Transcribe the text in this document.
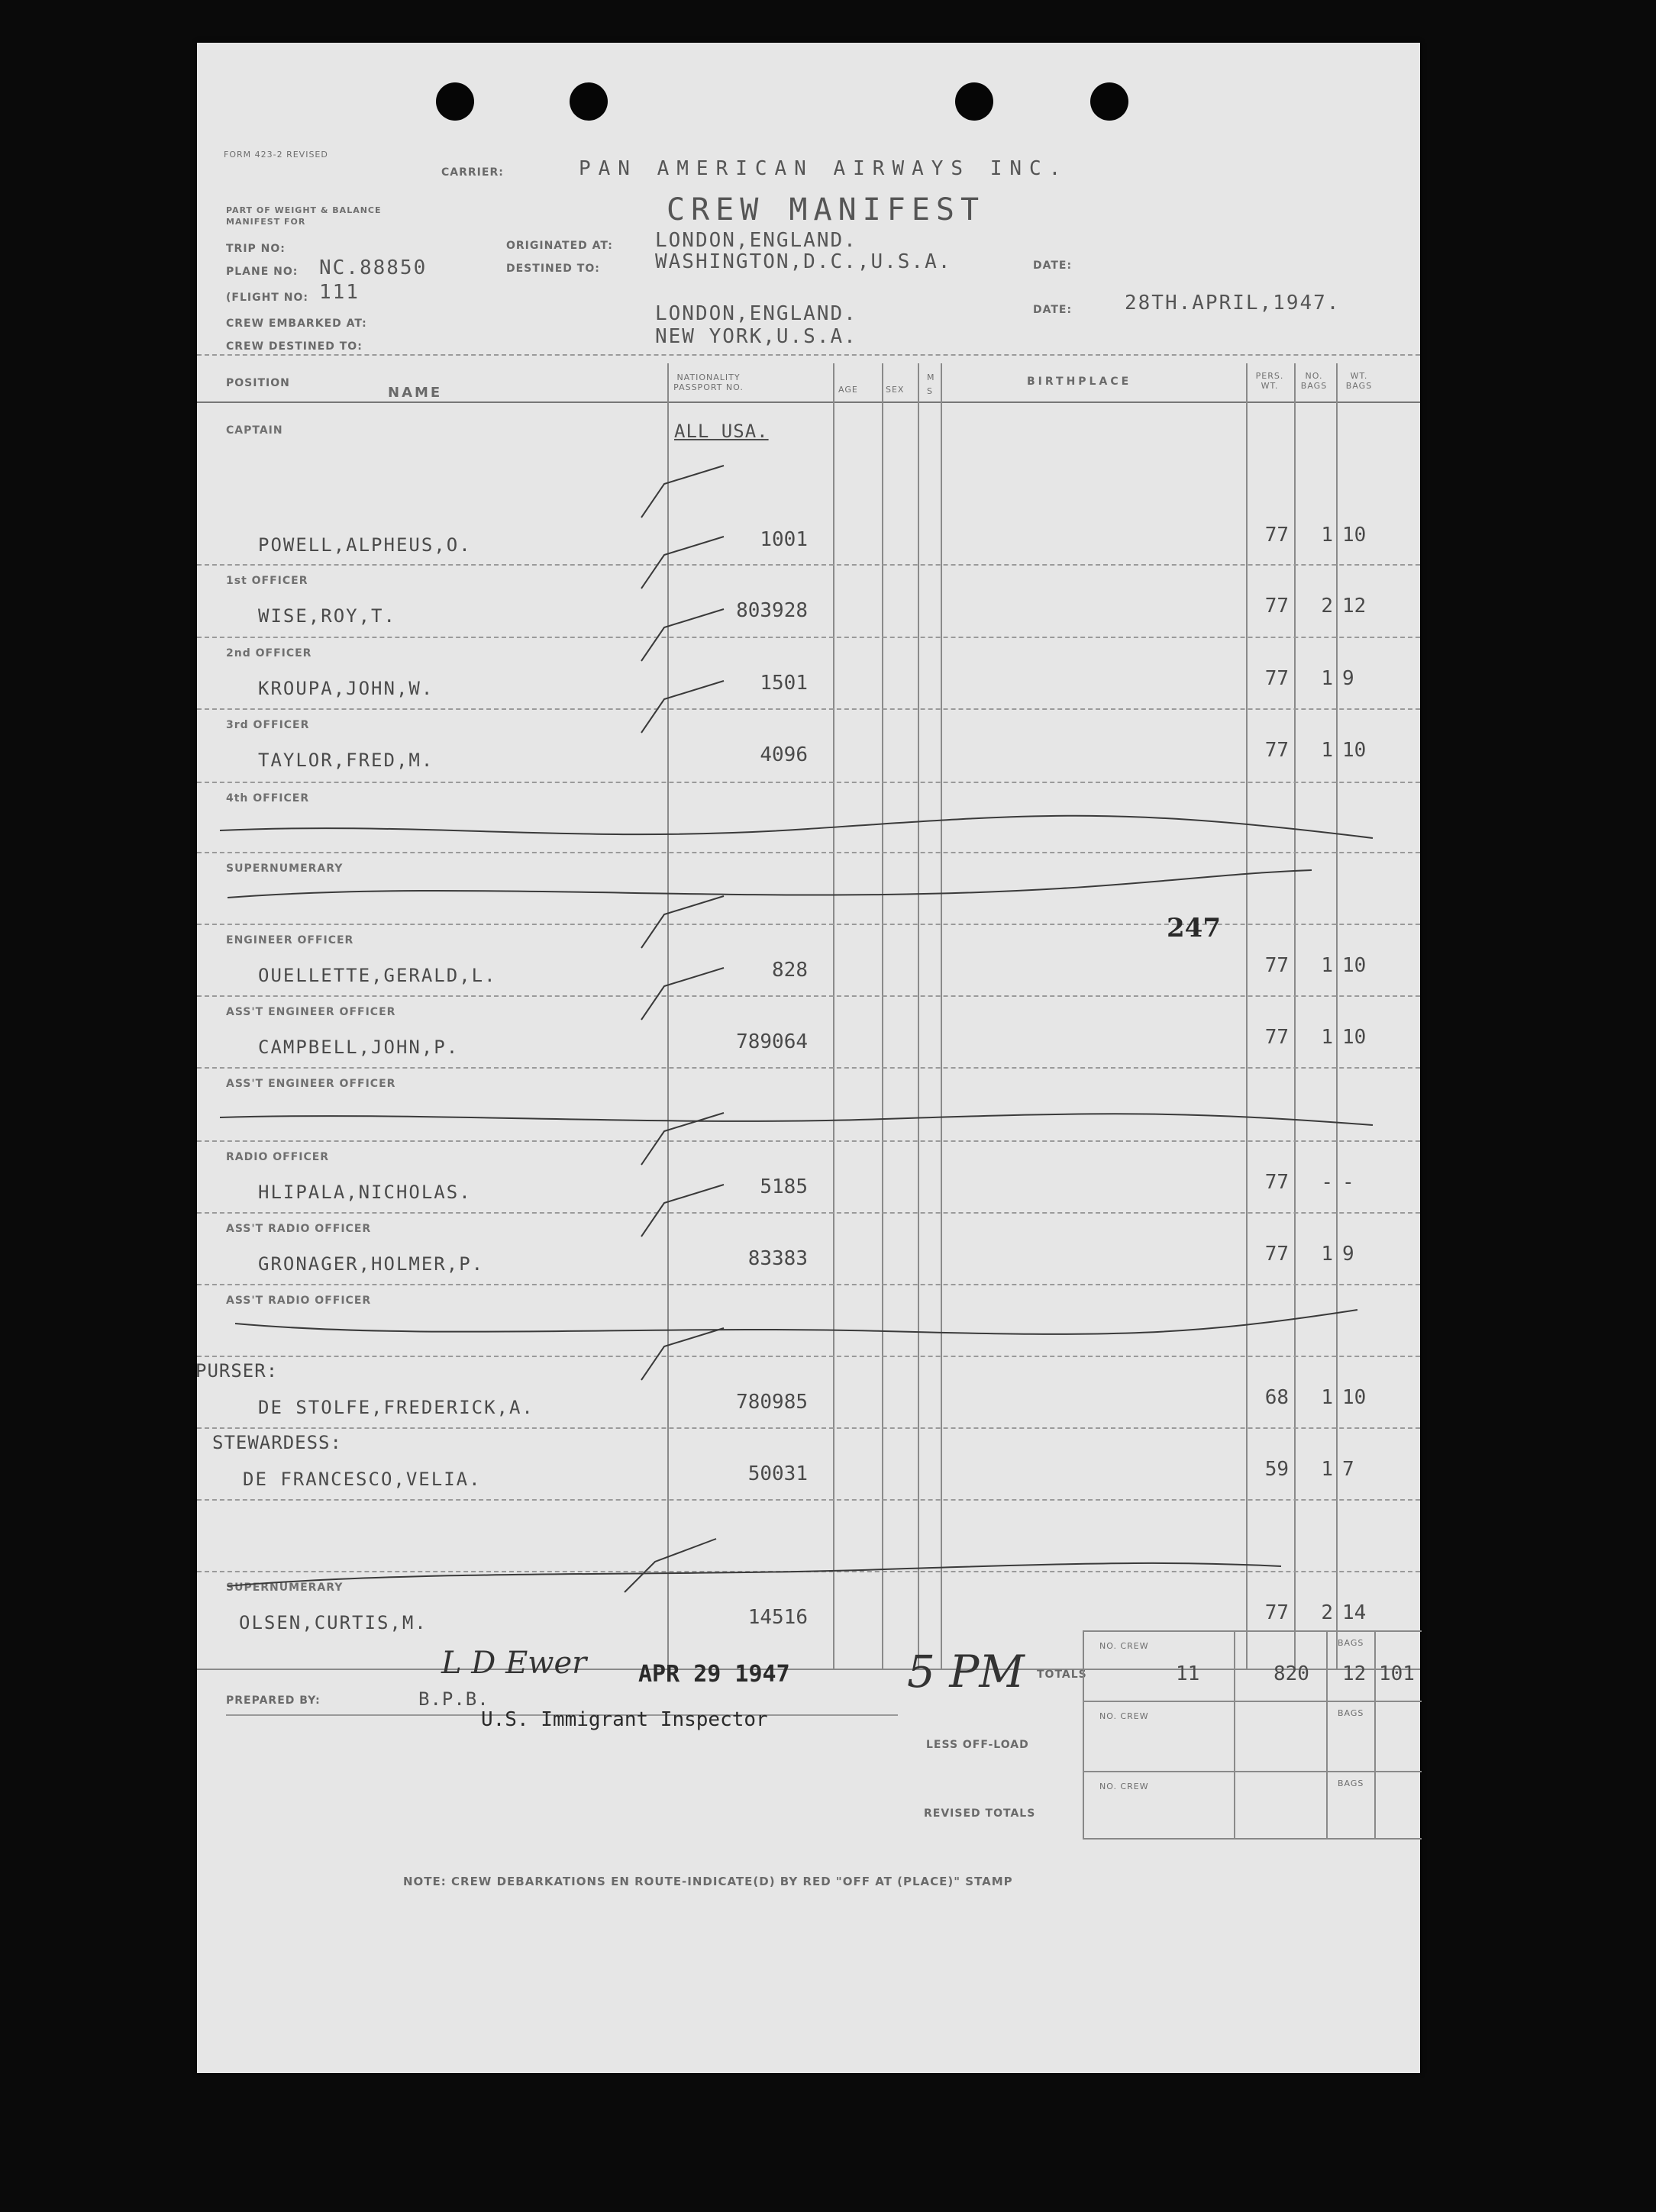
FORM 423-2 REVISED
CARRIER:	PAN AMERICAN AIRWAYS INC.
PART OF WEIGHT & BALANCE MANIFEST FOR	CREW MANIFEST
TRIP NO:
PLANE NO: NC.88850
(FLIGHT NO: 111
CREW EMBARKED AT:
CREW DESTINED TO:
ORIGINATED AT: LONDON,ENGLAND.
DESTINED TO:	WASHINGTON,D.C.,U.S.A.	DATE:
LONDON,ENGLAND.
NEW YORK,U.S.A.
DATE:	28TH.APRIL,1947.
POSITION
NAME
NATIONALITY PASSPORT NO.	AGE	SEX
M S
BIRTHPLACE	PERS. WT.
NO. BAGS
WT. BAGS
ALL USA.
CAPTAIN
POWELL,ALPHEUS,O.	1001	77	1 10
1st OFFICER
WISE,ROY,T.	803928	77	2 12
2nd OFFICER
KROUPA,JOHN,W.	1501	77	1 9
3rd OFFICER
TAYLOR,FRED,M.	4096	77	1 10
4th OFFICER
SUPERNUMERARY
ENGINEER OFFICER
OUELLETTE,GERALD,L.	828	77	1 10
ASS'T ENGINEER OFFICER
CAMPBELL,JOHN,P.	789064	77	1 10
ASS'T ENGINEER OFFICER
RADIO OFFICER
HLIPALA,NICHOLAS.	5185	77	- -
ASS'T RADIO OFFICER
GRONAGER,HOLMER,P.	83383	77	1 9
ASS'T RADIO OFFICER
PURSER:
DE STOLFE,FREDERICK,A.	780985	68	1 10
STEWARDESS:
DE FRANCESCO,VELIA.	50031	59	1 7
SUPERNUMERARY
OLSEN,CURTIS,M.	14516	77	2 14
247
PREPARED BY:	B.P.B.
L D Ewer APR 29 1947
U.S. Immigrant Inspector
5 PM TOTALS
LESS OFF-LOAD
REVISED TOTALS
NO. CREW
NO. CREW
NO. CREW
BAGS
BAGS
BAGS
11	820 12 101
NOTE: CREW DEBARKATIONS EN ROUTE-INDICATE(D) BY RED "OFF AT (PLACE)" STAMP
